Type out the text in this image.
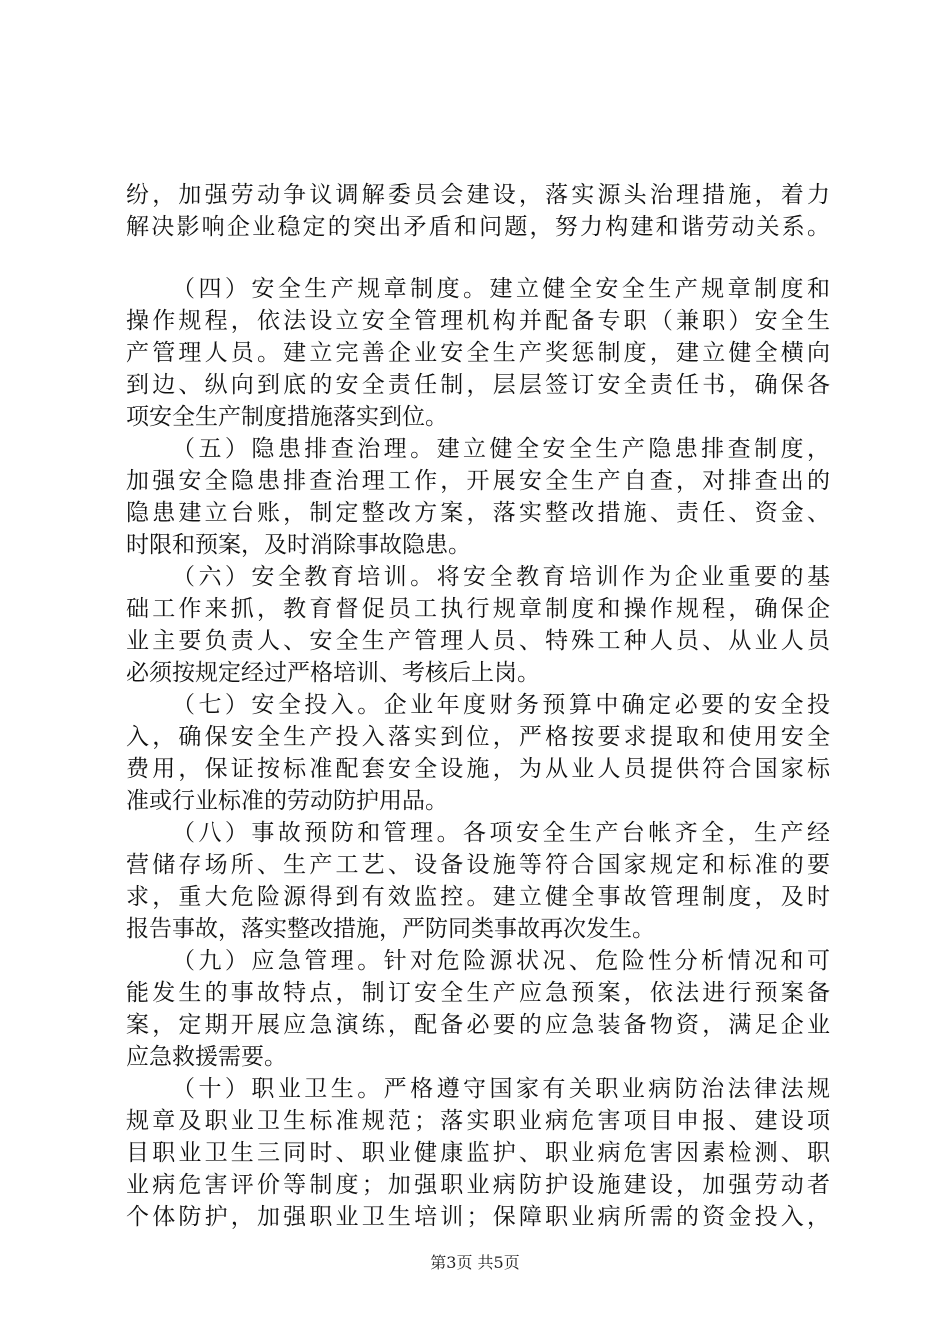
纷，加强劳动争议调解委员会建设，落实源头治理措施，着力
解决影响企业稳定的突出矛盾和问题，努力构建和谐劳动关系。
（四）安全生产规章制度。建立健全安全生产规章制度和
操作规程，依法设立安全管理机构并配备专职（兼职）安全生
产管理人员。建立完善企业安全生产奖惩制度，建立健全横向
到边、纵向到底的安全责任制，层层签订安全责任书，确保各
项安全生产制度措施落实到位。
（五）隐患排查治理。建立健全安全生产隐患排查制度，
加强安全隐患排查治理工作，开展安全生产自查，对排查出的
隐患建立台账，制定整改方案，落实整改措施、责任、资金、
时限和预案，及时消除事故隐患。
（六）安全教育培训。将安全教育培训作为企业重要的基
础工作来抓，教育督促员工执行规章制度和操作规程，确保企
业主要负责人、安全生产管理人员、特殊工种人员、从业人员
必须按规定经过严格培训、考核后上岗。
（七）安全投入。企业年度财务预算中确定必要的安全投
入，确保安全生产投入落实到位，严格按要求提取和使用安全
费用，保证按标准配套安全设施，为从业人员提供符合国家标
准或行业标准的劳动防护用品。
（八）事故预防和管理。各项安全生产台帐齐全，生产经
营储存场所、生产工艺、设备设施等符合国家规定和标准的要
求，重大危险源得到有效监控。建立健全事故管理制度，及时
报告事故，落实整改措施，严防同类事故再次发生。
（九）应急管理。针对危险源状况、危险性分析情况和可
能发生的事故特点，制订安全生产应急预案，依法进行预案备
案，定期开展应急演练，配备必要的应急装备物资，满足企业
应急救援需要。
（十）职业卫生。严格遵守国家有关职业病防治法律法规
规章及职业卫生标准规范；落实职业病危害项目申报、建设项
目职业卫生三同时、职业健康监护、职业病危害因素检测、职
业病危害评价等制度；加强职业病防护设施建设，加强劳动者
个体防护，加强职业卫生培训；保障职业病所需的资金投入，
第3页 共5页
